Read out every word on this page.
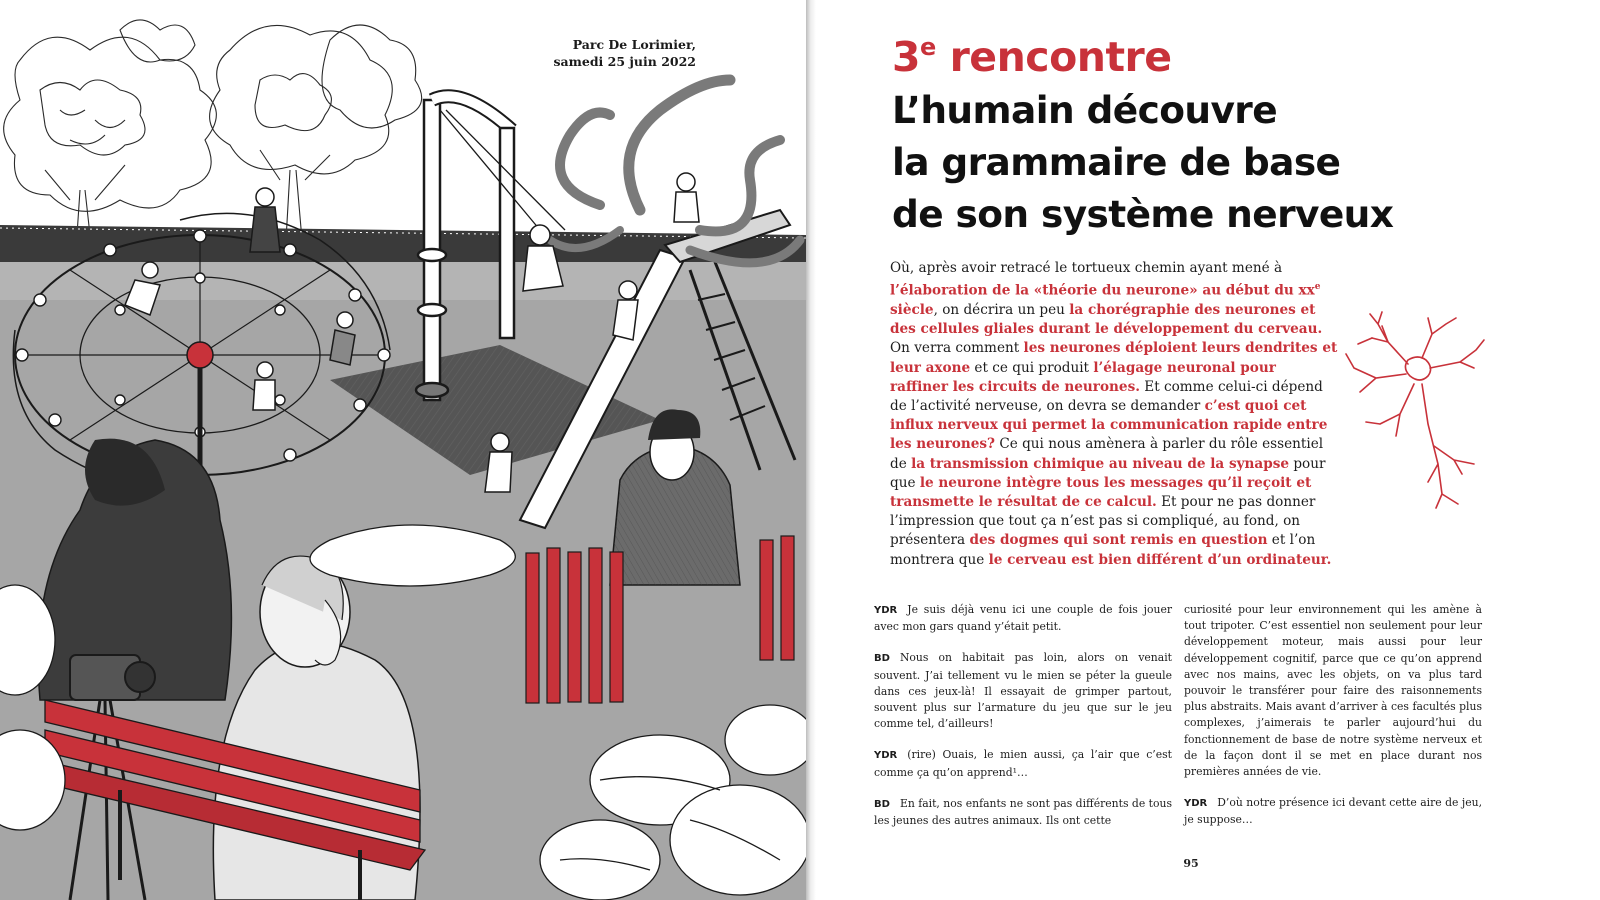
Parc De Lorimier,
samedi 25 juin 2022	3e rencontre
L’humain découvre
la grammaire de base
de son système nerveux
Où, après avoir retracé le tortueux chemin ayant mené à l’élaboration de la «théorie du neurone» au début du $xx^e$ siècle, on décrira un peu la chorégraphie des neurones et des cellules gliales durant le développement du cerveau. On verra comment les neurones déploient leurs dendrites et leur axone et ce qui produit l’élagage neuronal pour raffiner les circuits de neurones. Et comme celui-ci dépend de l’activité nerveuse, on devra se demander c’est quoi cet influx nerveux qui permet la communication rapide entre les neurones? Ce qui nous amènera à parler du rôle essentiel de la transmission chimique au niveau de la synapse pour que le neurone intègre tous les messages qu’il reçoit et transmette le résultat de ce calcul. Et pour ne pas donner l’impression que tout ça n’est pas si compliqué, au fond, on présentera des dogmes qui sont remis en question et l’on montrera que le cerveau est bien différent d’un ordinateur.

YDR Je suis déjà venu ici une couple de fois jouer avec mon gars quand y’était petit.

BD Nous on habitait pas loin, alors on venait souvent. J’ai tellement vu le mien se péter la gueule dans ces jeux-là! Il essayait de grimper partout, souvent plus sur l’armature du jeu que sur le jeu comme tel, d’ailleurs!

YDR (rire) Ouais, le mien aussi, ça l’air que c’est comme ça qu’on apprend¹…

BD En fait, nos enfants ne sont pas différents de tous les jeunes des autres animaux. Ils ont cette

curiosité pour leur environnement qui les amène à tout tripoter. C’est essentiel non seulement pour leur développement moteur, mais aussi pour leur développement cognitif, parce que ce qu’on apprend avec nos mains, avec les objets, on va plus tard pouvoir le transférer pour faire des raisonnements plus abstraits. Mais avant d’arriver à ces facultés plus complexes, j’aimerais te parler aujourd’hui du fonctionnement de base de notre système nerveux et de la façon dont il se met en place durant nos premières années de vie.

YDR D’où notre présence ici devant cette aire de jeu, je suppose…

95
